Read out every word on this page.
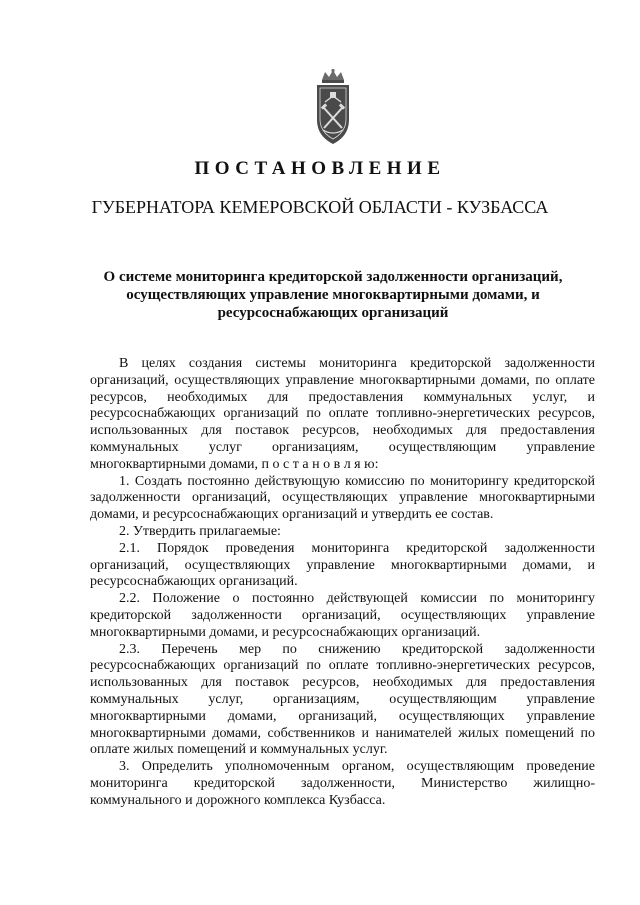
ПОСТАНОВЛЕНИЕ
ГУБЕРНАТОРА КЕМЕРОВСКОЙ ОБЛАСТИ - КУЗБАССА
О системе мониторинга кредиторской задолженности организаций, осуществляющих управление многоквартирными домами, и ресурсоснабжающих организаций

В целях создания системы мониторинга кредиторской задолженности организаций, осуществляющих управление многоквартирными домами, по оплате ресурсов, необходимых для предоставления коммунальных услуг, и ресурсоснабжающих организаций по оплате топливно-энергетических ресурсов, использованных для поставок ресурсов, необходимых для предоставления коммунальных услуг организациям, осуществляющим управление многоквартирными домами, п о с т а н о в л я ю:

1. Создать постоянно действующую комиссию по мониторингу кредиторской задолженности организаций, осуществляющих управление многоквартирными домами, и ресурсоснабжающих организаций и утвердить ее состав.

2. Утвердить прилагаемые:

2.1. Порядок проведения мониторинга кредиторской задолженности организаций, осуществляющих управление многоквартирными домами, и ресурсоснабжающих организаций.

2.2. Положение о постоянно действующей комиссии по мониторингу кредиторской задолженности организаций, осуществляющих управление многоквартирными домами, и ресурсоснабжающих организаций.

2.3. Перечень мер по снижению кредиторской задолженности ресурсоснабжающих организаций по оплате топливно-энергетических ресурсов, использованных для поставок ресурсов, необходимых для предоставления коммунальных услуг, организациям, осуществляющим управление многоквартирными домами, организаций, осуществляющих управление многоквартирными домами, собственников и нанимателей жилых помещений по оплате жилых помещений и коммунальных услуг.

3. Определить уполномоченным органом, осуществляющим проведение мониторинга кредиторской задолженности, Министерство жилищно-коммунального и дорожного комплекса Кузбасса.
